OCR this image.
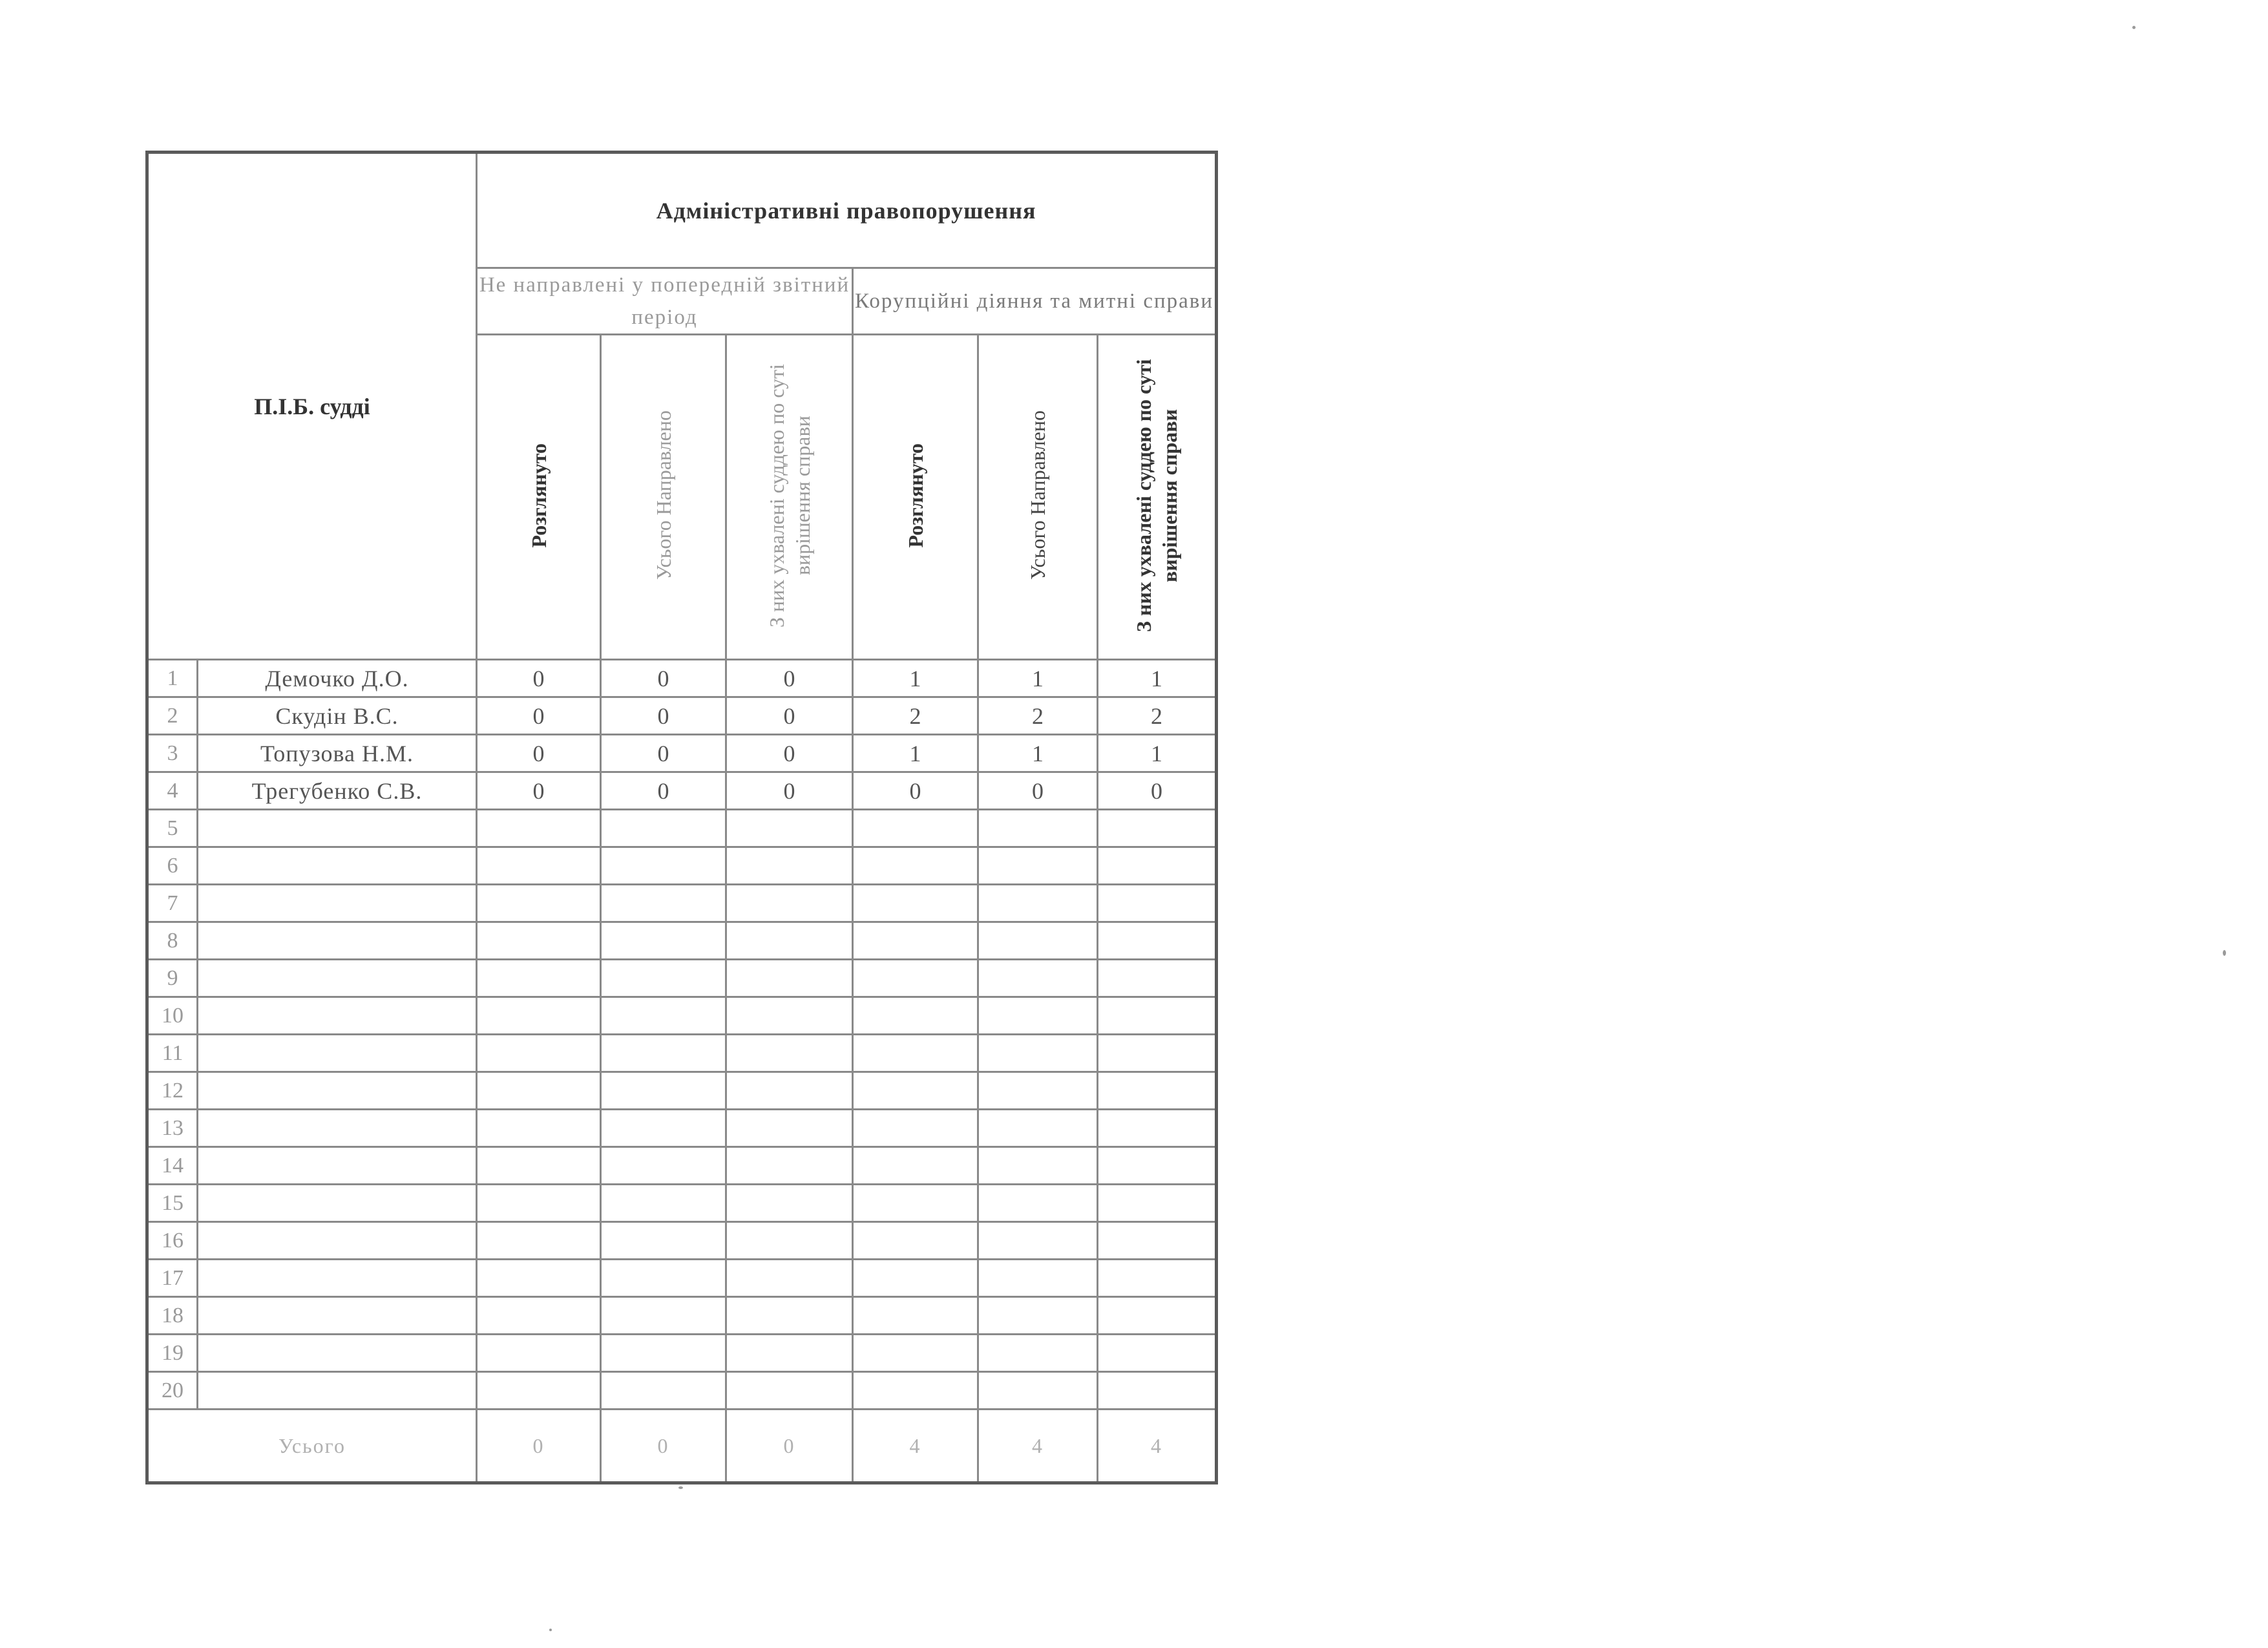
П.І.Б. судді		Адміністративні правопорушення					
		Не направлені у попередній звітний період			Корупційні діяння та митні справи		
		Розглянуто	Усього Направлено	З них ухвалені суддею по суті вирішення справи	Розглянуто	Усього Направлено	З них ухвалені суддею по суті вирішення справи
1	Демочко Д.О.	0	0	0	1	1	1
2	Скудін В.С.	0	0	0	2	2	2
3	Топузова Н.М.	0	0	0	1	1	1
4	Трегубенко С.В.	0	0	0	0	0	0
5							
6							
7							
8							
9							
10							
11							
12							
13							
14							
15							
16							
17							
18							
19							
20							
Усього		0	0	0	4	4	4
